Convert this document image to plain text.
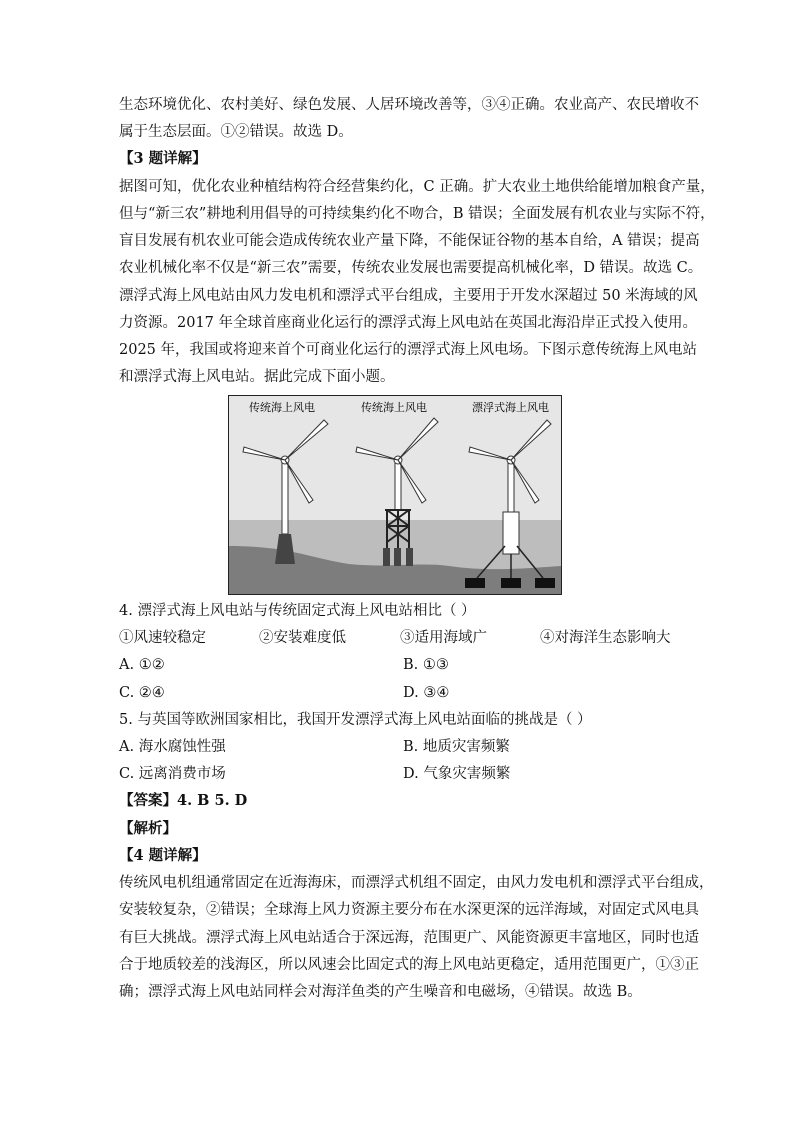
生态环境优化、农村美好、绿色发展、人居环境改善等，③④正确。农业高产、农民增收不
属于生态层面。①②错误。故选 D。
【3 题详解】
据图可知，优化农业种植结构符合经营集约化，C 正确。扩大农业土地供给能增加粮食产量，
但与“新三农”耕地利用倡导的可持续集约化不吻合，B 错误；全面发展有机农业与实际不符，
盲目发展有机农业可能会造成传统农业产量下降，不能保证谷物的基本自给，A 错误；提高
农业机械化率不仅是“新三农”需要，传统农业发展也需要提高机械化率，D 错误。故选 C。
漂浮式海上风电站由风力发电机和漂浮式平台组成，主要用于开发水深超过 50 米海域的风
力资源。2017 年全球首座商业化运行的漂浮式海上风电站在英国北海沿岸正式投入使用。
2025 年，我国或将迎来首个可商业化运行的漂浮式海上风电场。下图示意传统海上风电站
和漂浮式海上风电站。据此完成下面小题。
传统海上风电	传统海上风电	漂浮式海上风电
4. 漂浮式海上风电站与传统固定式海上风电站相比（ ）
①风速较稳定	②安装难度低	③适用海域广	④对海洋生态影响大
A. ①②	B. ①③
C. ②④	D. ③④
5. 与英国等欧洲国家相比，我国开发漂浮式海上风电站面临的挑战是（ ）
A. 海水腐蚀性强	B. 地质灾害频繁
C. 远离消费市场	D. 气象灾害频繁
【答案】4. B 5. D
【解析】
【4 题详解】
传统风电机组通常固定在近海海床，而漂浮式机组不固定，由风力发电机和漂浮式平台组成，
安装较复杂，②错误；全球海上风力资源主要分布在水深更深的远洋海域，对固定式风电具
有巨大挑战。漂浮式海上风电站适合于深远海，范围更广、风能资源更丰富地区，同时也适
合于地质较差的浅海区，所以风速会比固定式的海上风电站更稳定，适用范围更广，①③正
确；漂浮式海上风电站同样会对海洋鱼类的产生噪音和电磁场，④错误。故选 B。
